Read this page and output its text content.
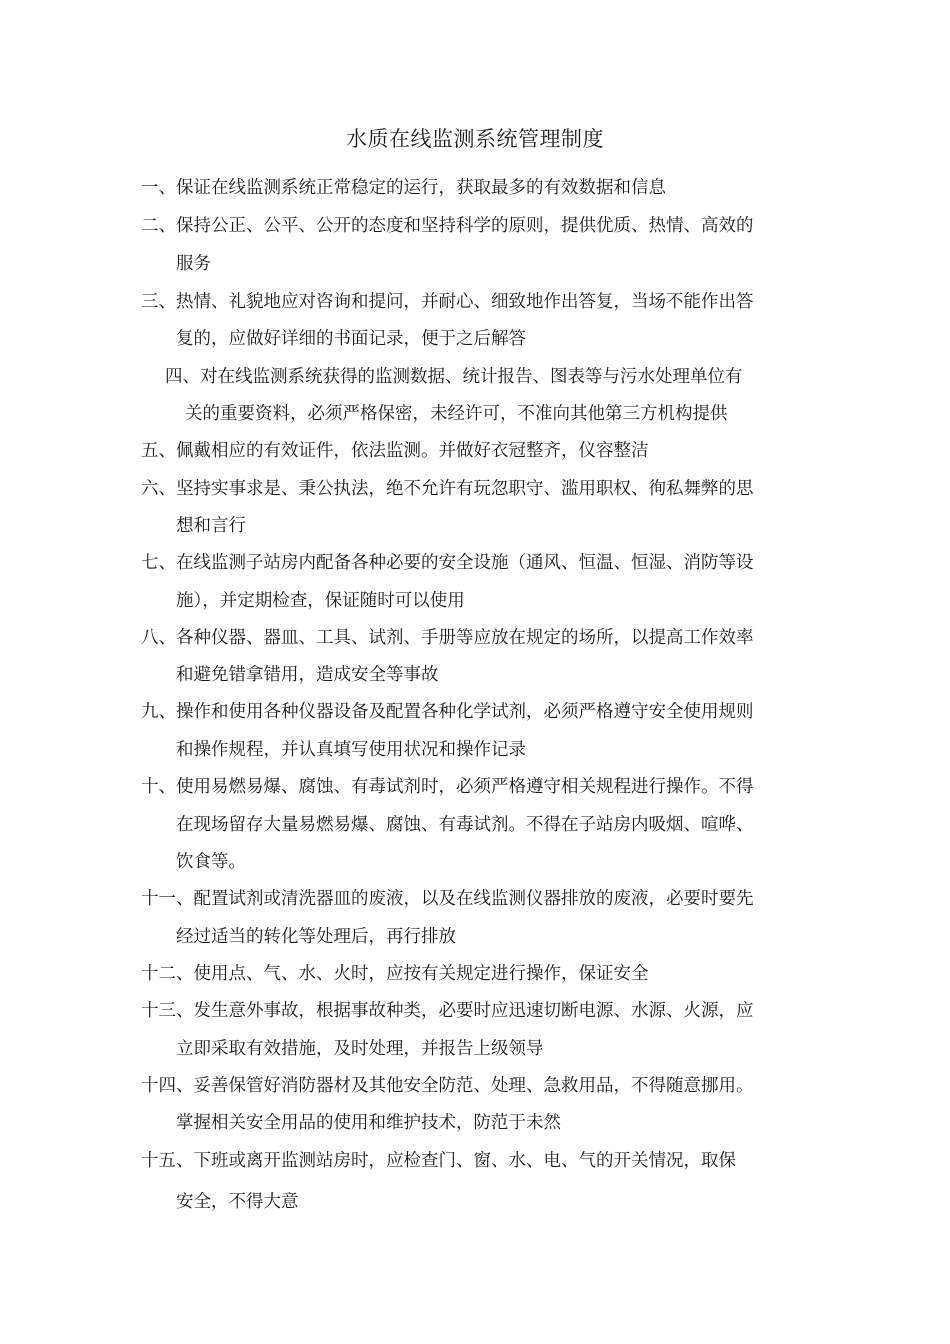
水质在线监测系统管理制度
一、保证在线监测系统正常稳定的运行，获取最多的有效数据和信息
二、保持公正、公平、公开的态度和坚持科学的原则，提供优质、热情、高效的
服务
三、热情、礼貌地应对咨询和提问，并耐心、细致地作出答复，当场不能作出答
复的，应做好详细的书面记录，便于之后解答
四、对在线监测系统获得的监测数据、统计报告、图表等与污水处理单位有
关的重要资料，必须严格保密，未经许可，不准向其他第三方机构提供
五、佩戴相应的有效证件，依法监测。并做好衣冠整齐，仪容整洁
六、坚持实事求是、秉公执法，绝不允许有玩忽职守、滥用职权、徇私舞弊的思
想和言行
七、在线监测子站房内配备各种必要的安全设施（通风、恒温、恒湿、消防等设
施），并定期检查，保证随时可以使用
八、各种仪器、器皿、工具、试剂、手册等应放在规定的场所，以提高工作效率
和避免错拿错用，造成安全等事故
九、操作和使用各种仪器设备及配置各种化学试剂，必须严格遵守安全使用规则
和操作规程，并认真填写使用状况和操作记录
十、使用易燃易爆、腐蚀、有毒试剂时，必须严格遵守相关规程进行操作。不得
在现场留存大量易燃易爆、腐蚀、有毒试剂。不得在子站房内吸烟、喧哗、
饮食等。
十一、配置试剂或清洗器皿的废液，以及在线监测仪器排放的废液，必要时要先
经过适当的转化等处理后，再行排放
十二、使用点、气、水、火时，应按有关规定进行操作，保证安全
十三、发生意外事故，根据事故种类，必要时应迅速切断电源、水源、火源，应
立即采取有效措施，及时处理，并报告上级领导
十四、妥善保管好消防器材及其他安全防范、处理、急救用品，不得随意挪用。
掌握相关安全用品的使用和维护技术，防范于未然
十五、下班或离开监测站房时，应检查门、窗、水、电、气的开关情况，取保
安全，不得大意
